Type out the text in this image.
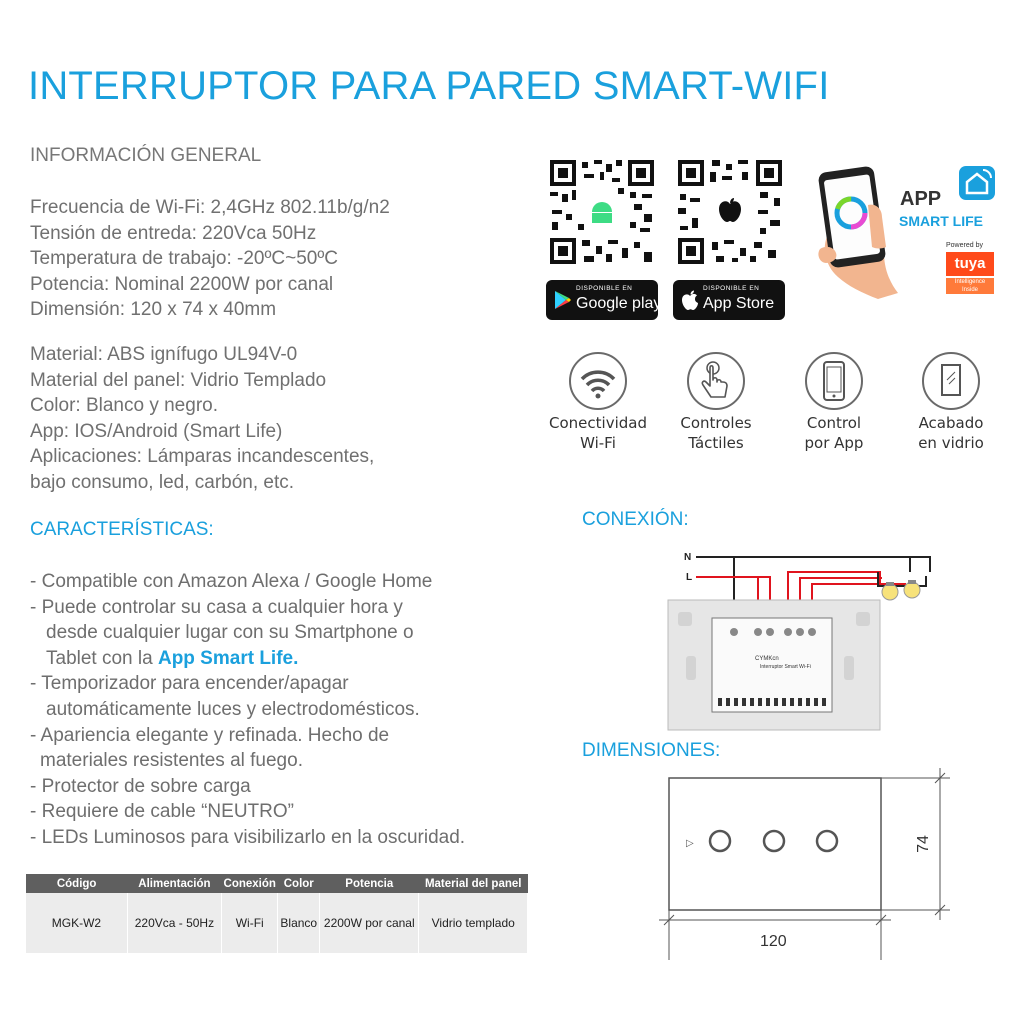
INTERRUPTOR PARA PARED SMART-WIFI
INFORMACIÓN GENERAL
Frecuencia de Wi-Fi: 2,4GHz 802.11b/g/n2
Tensión de entreda: 220Vca 50Hz
Temperatura de trabajo: -20ºC~50ºC
Potencia: Nominal 2200W por canal
Dimensión: 120 x 74 x 40mm
Material: ABS ignífugo UL94V-0
Material del panel: Vidrio Templado
Color: Blanco y negro.
App: IOS/Android (Smart Life)
Aplicaciones: Lámparas incandescentes,
bajo consumo, led, carbón, etc.
CARACTERÍSTICAS:
- Compatible con Amazon Alexa / Google Home
- Puede controlar su casa a cualquier hora y
desde cualquier lugar con su Smartphone o
Tablet con la App Smart Life.
- Temporizador para encender/apagar
automáticamente luces y electrodomésticos.
- Apariencia elegante y refinada. Hecho de
materiales resistentes al fuego.
- Protector de sobre carga
- Requiere de cable “NEUTRO”
- LEDs Luminosos para visibilizarlo en la oscuridad.
Código	Alimentación	Conexión	Color	Potencia	Material del panel
MGK-W2	220Vca - 50Hz	Wi-Fi	Blanco	2200W por canal	Vidrio templado
DISPONIBLE EN
Google play
DISPONIBLE EN
App Store
APP
SMART LIFE
Powered by
tuya
Intelligence Inside
Conectividad
Wi-Fi
Controles
Táctiles
Control
por App
Acabado
en vidrio
CONEXIÓN:
N
L
CYMKcn
Interruptor Smart Wi-Fi
DIMENSIONES:
▷
120
74
